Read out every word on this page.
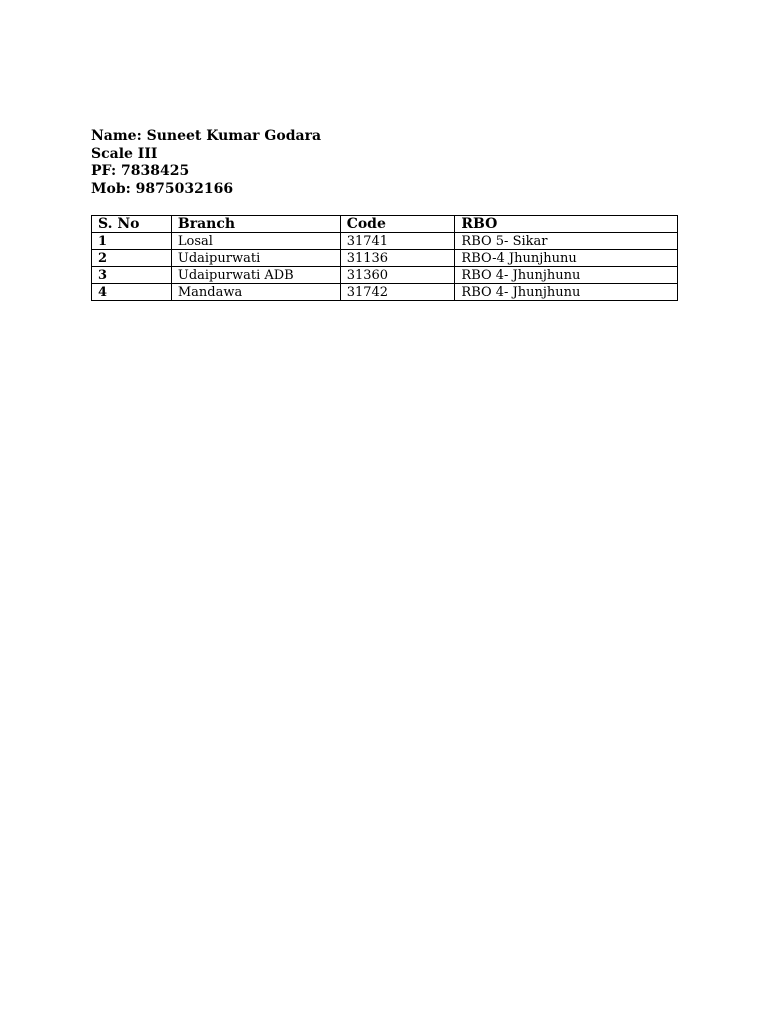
Name: Suneet Kumar Godara
Scale III
PF: 7838425
Mob: 9875032166
S. No	Branch	Code	RBO
1	Losal	31741	RBO 5- Sikar
2	Udaipurwati	31136	RBO-4 Jhunjhunu
3	Udaipurwati ADB	31360	RBO 4- Jhunjhunu
4	Mandawa	31742	RBO 4- Jhunjhunu
